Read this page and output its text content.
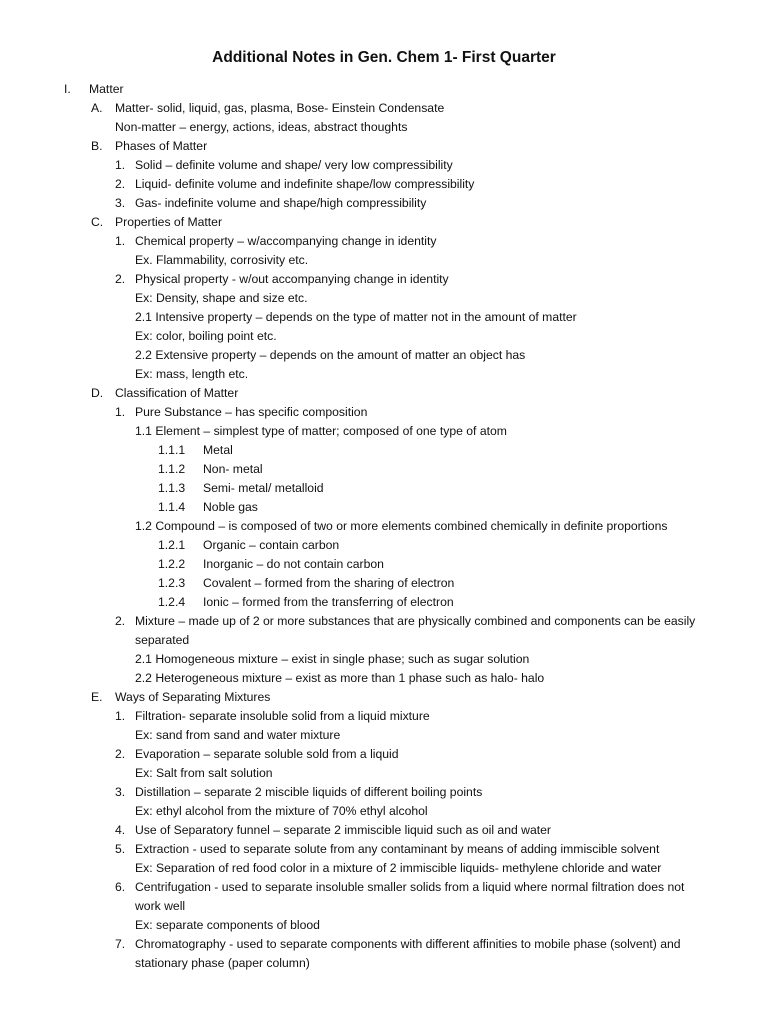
Additional Notes in Gen. Chem 1- First Quarter
I. Matter
A. Matter- solid, liquid, gas, plasma, Bose- Einstein Condensate
Non-matter – energy, actions, ideas, abstract thoughts
B. Phases of Matter
1. Solid – definite volume and shape/ very low compressibility
2. Liquid- definite volume and indefinite shape/low compressibility
3. Gas- indefinite volume and shape/high compressibility
C. Properties of Matter
1. Chemical property – w/accompanying change in identity
Ex. Flammability, corrosivity etc.
2. Physical property - w/out accompanying change in identity
Ex: Density, shape and size etc.
2.1 Intensive property – depends on the type of matter not in the amount of matter
Ex: color, boiling point etc.
2.2 Extensive property – depends on the amount of matter an object has
Ex: mass, length etc.
D. Classification of Matter
1. Pure Substance – has specific composition
1.1 Element – simplest type of matter; composed of one type of atom
1.1.1 Metal
1.1.2 Non- metal
1.1.3 Semi- metal/ metalloid
1.1.4 Noble gas
1.2 Compound – is composed of two or more elements combined chemically in definite proportions
1.2.1 Organic – contain carbon
1.2.2 Inorganic – do not contain carbon
1.2.3 Covalent – formed from the sharing of electron
1.2.4 Ionic – formed from the transferring of electron
2. Mixture – made up of 2 or more substances that are physically combined and components can be easily
separated
2.1 Homogeneous mixture – exist in single phase; such as sugar solution
2.2 Heterogeneous mixture – exist as more than 1 phase such as halo- halo
E. Ways of Separating Mixtures
1. Filtration- separate insoluble solid from a liquid mixture
Ex: sand from sand and water mixture
2. Evaporation – separate soluble sold from a liquid
Ex: Salt from salt solution
3. Distillation – separate 2 miscible liquids of different boiling points
Ex: ethyl alcohol from the mixture of 70% ethyl alcohol
4. Use of Separatory funnel – separate 2 immiscible liquid such as oil and water
5. Extraction - used to separate solute from any contaminant by means of adding immiscible solvent
Ex: Separation of red food color in a mixture of 2 immiscible liquids- methylene chloride and water
6. Centrifugation - used to separate insoluble smaller solids from a liquid where normal filtration does not
work well
Ex: separate components of blood
7. Chromatography - used to separate components with different affinities to mobile phase (solvent) and
stationary phase (paper column)
